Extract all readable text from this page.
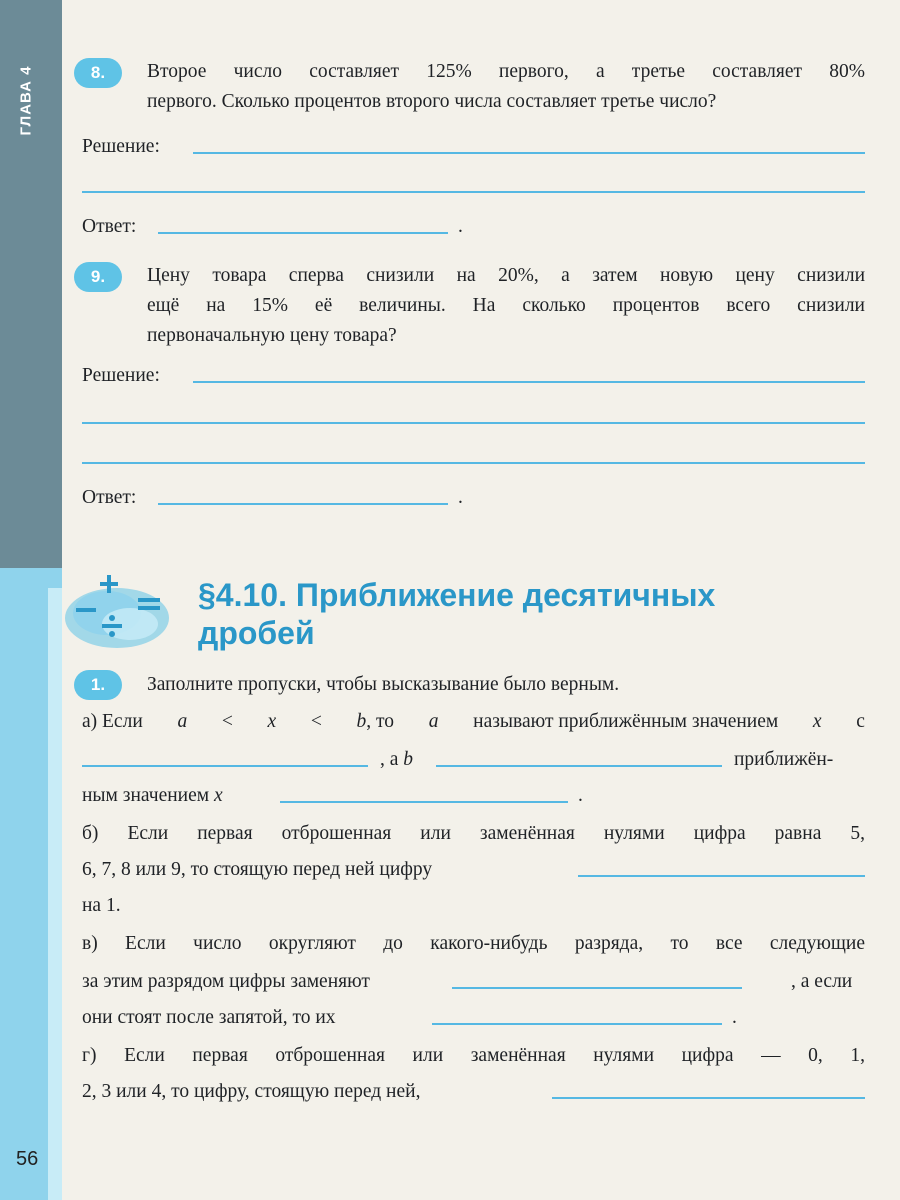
ГЛАВА 4
56
8.	Второе число составляет 125% первого, а третье составляет 80%
первого. Сколько процентов второго числа составляет третье число?
Решение:
Ответ:	.
9.	Цену товара сперва снизили на 20%, а затем новую цену снизили
ещё на 15% её величины. На сколько процентов всего снизили
первоначальную цену товара?
Решение:
Ответ:	.
§4.10. Приближение десятичных
дробей
1.	Заполните пропуски, чтобы высказывание было верным.
а) Если a < x < b, то a называют приближённым значением x с
, а b	приближён-
ным значением x	.
б) Если первая отброшенная или заменённая нулями цифра равна 5,
6, 7, 8 или 9, то стоящую перед ней цифру
на 1.
в) Если число округляют до какого-нибудь разряда, то все следующие
за этим разрядом цифры заменяют	, а если
они стоят после запятой, то их	.
г) Если первая отброшенная или заменённая нулями цифра — 0, 1,
2, 3 или 4, то цифру, стоящую перед ней,
